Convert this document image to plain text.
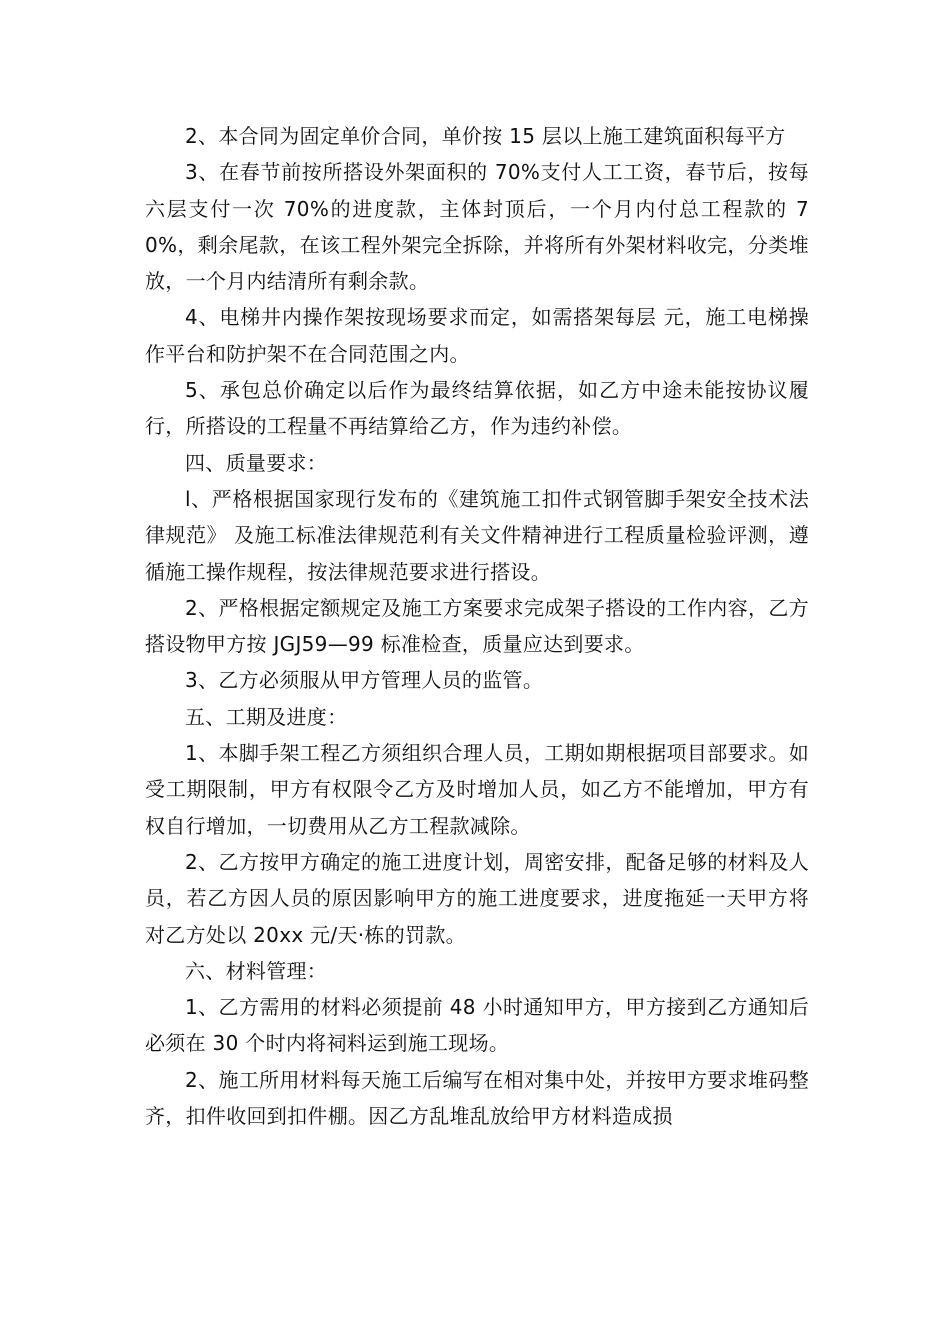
2、本合同为固定单价合同，单价按 15 层以上施工建筑面积每平方

3、在春节前按所搭设外架面积的 70%支付人工工资，春节后，按每六层支付一次 70%的进度款，主体封顶后，一个月内付总工程款的 70%，剩余尾款，在该工程外架完全拆除，并将所有外架材料收完，分类堆放，一个月内结清所有剩余款。

4、电梯井内操作架按现场要求而定，如需搭架每层 元，施工电梯操作平台和防护架不在合同范围之内。

5、承包总价确定以后作为最终结算依据，如乙方中途未能按协议履行，所搭设的工程量不再结算给乙方，作为违约补偿。

四、质量要求：

l、严格根据国家现行发布的《建筑施工扣件式钢管脚手架安全技术法律规范》 及施工标准法律规范利有关文件精神进行工程质量检验评测，遵循施工操作规程，按法律规范要求进行搭设。

2、严格根据定额规定及施工方案要求完成架子搭设的工作内容，乙方搭设物甲方按 JGJ59—99 标准检查，质量应达到要求。

3、乙方必须服从甲方管理人员的监管。

五、工期及进度：

1、本脚手架工程乙方须组织合理人员，工期如期根据项目部要求。如受工期限制，甲方有权限令乙方及时增加人员，如乙方不能增加，甲方有权自行增加，一切费用从乙方工程款减除。

2、乙方按甲方确定的施工进度计划，周密安排，配备足够的材料及人员，若乙方因人员的原因影响甲方的施工进度要求，进度拖延一天甲方将对乙方处以 20xx 元/天·栋的罚款。

六、材料管理：

1、乙方需用的材料必须提前 48 小时通知甲方，甲方接到乙方通知后必须在 30 个时内将祠料运到施工现场。

2、施工所用材料每天施工后编写在相对集中处，并按甲方要求堆码整齐，扣件收回到扣件棚。因乙方乱堆乱放给甲方材料造成损
